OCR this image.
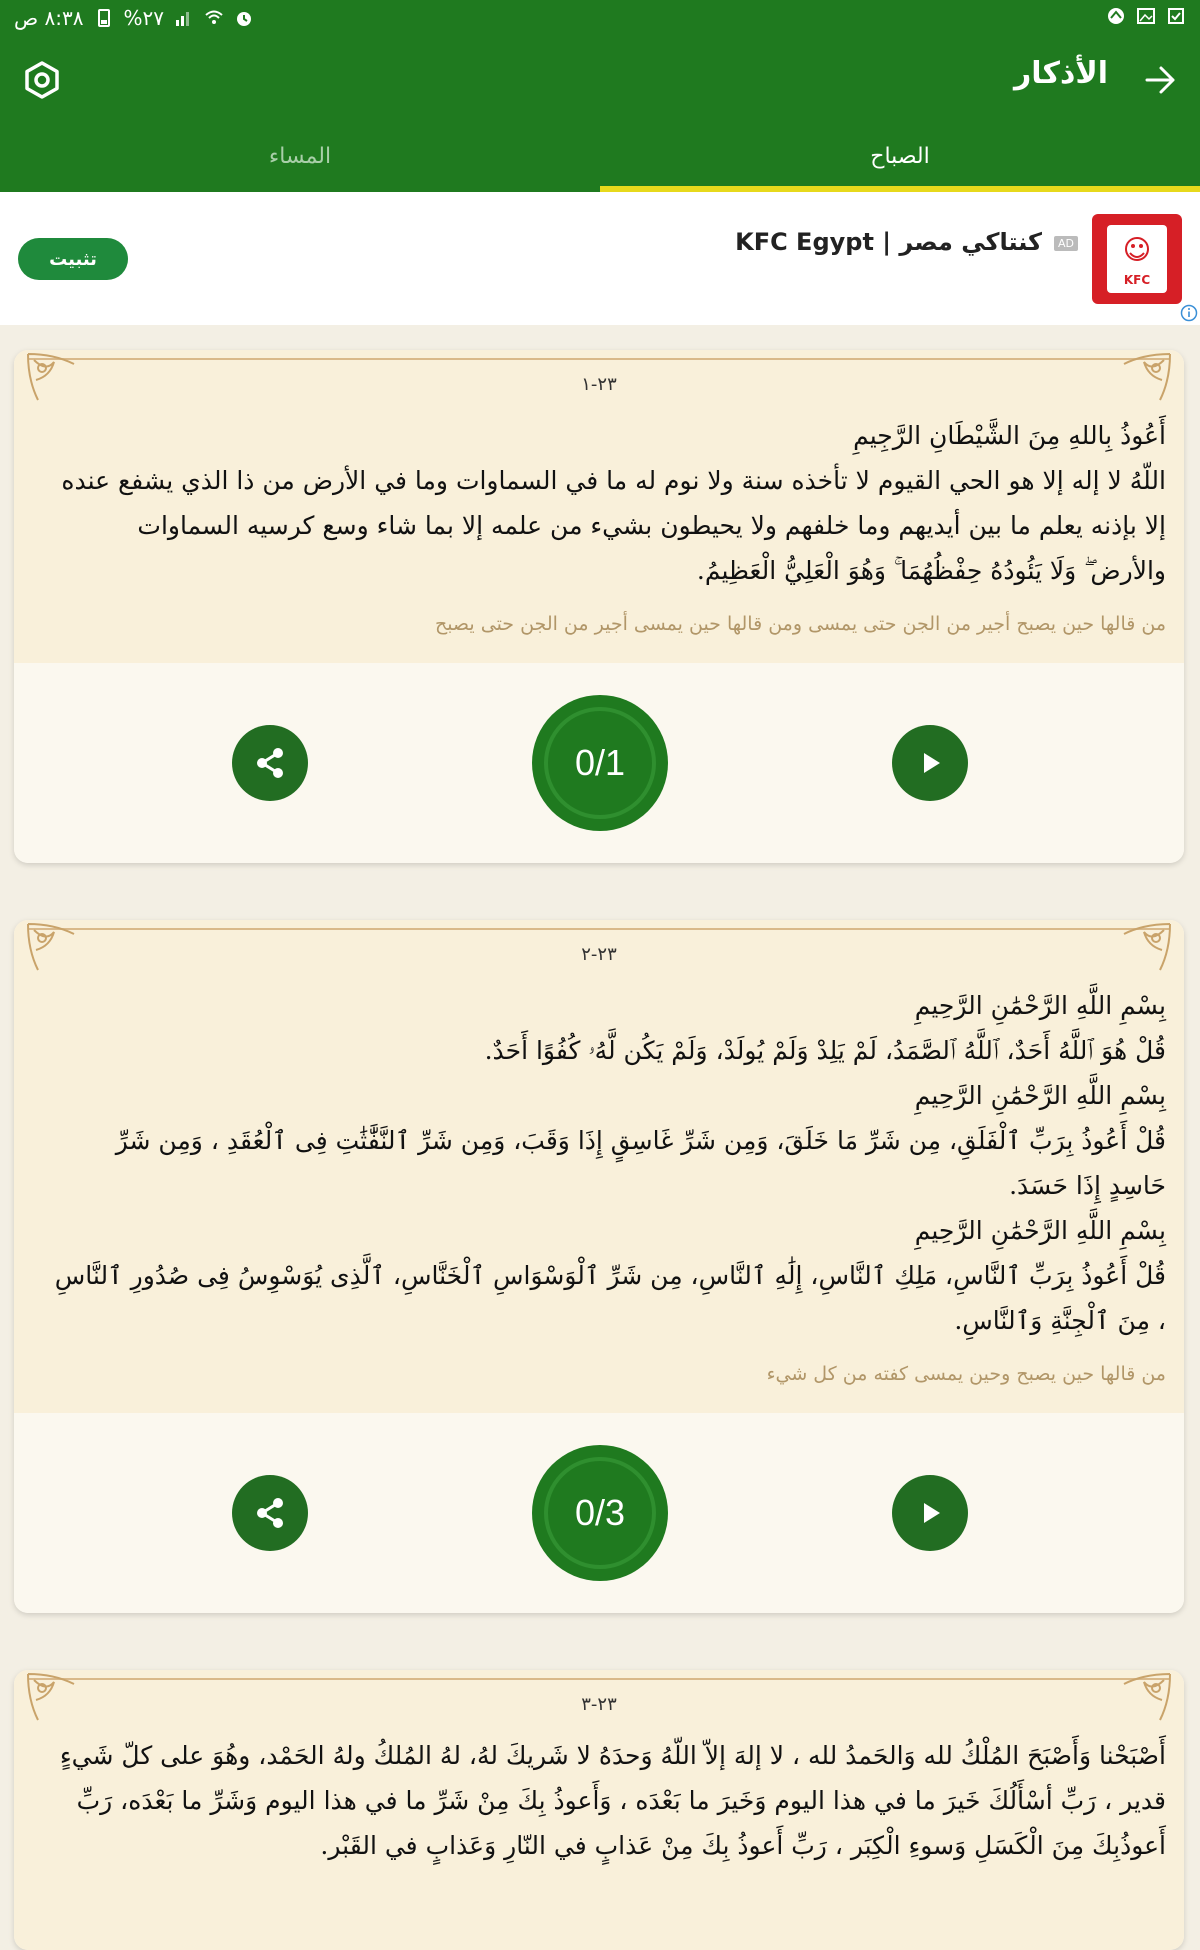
٨:٣٨ ص %٢٧
الأذكار
الصباح
المساء
KFC
AD
KFC Egypt | كنتاكي مصر
تثبيت
٢٣-١
أَعُوذُ بِاللهِ مِنَ الشَّيْطَانِ الرَّجِيمِ
اللّهُ لا إله إلا هو الحي القيوم لا تأخذه سنة ولا نوم له ما في السماوات وما في الأرض من ذا الذي يشفع عنده إلا بإذنه يعلم ما بين أيديهم وما خلفهم ولا يحيطون بشيء من علمه إلا بما شاء وسع كرسيه السماوات والأرض ۖ وَلَا يَئُودُهُ حِفْظُهُمَا ۚ وَهُوَ الْعَلِيُّ الْعَظِيمُ.
من قالها حين يصبح أجير من الجن حتى يمسى ومن قالها حين يمسى أجير من الجن حتى يصبح
0/1
٢٣-٢
بِسْمِ اللَّهِ الرَّحْمَٰنِ الرَّحِيمِ
قُلْ هُوَ ٱللَّهُ أَحَدٌ، ٱللَّهُ ٱلصَّمَدُ، لَمْ يَلِدْ وَلَمْ يُولَدْ، وَلَمْ يَكُن لَّهُۥ كُفُوًا أَحَدٌ.
بِسْمِ اللَّهِ الرَّحْمَٰنِ الرَّحِيمِ
قُلْ أَعُوذُ بِرَبِّ ٱلْفَلَقِ، مِن شَرِّ مَا خَلَقَ، وَمِن شَرِّ غَاسِقٍ إِذَا وَقَبَ، وَمِن شَرِّ ٱلنَّفَّٰثَٰتِ فِى ٱلْعُقَدِ ، وَمِن شَرِّ حَاسِدٍ إِذَا حَسَدَ.
بِسْمِ اللَّهِ الرَّحْمَٰنِ الرَّحِيمِ
قُلْ أَعُوذُ بِرَبِّ ٱلنَّاسِ، مَلِكِ ٱلنَّاسِ، إِلَٰهِ ٱلنَّاسِ، مِن شَرِّ ٱلْوَسْوَاسِ ٱلْخَنَّاسِ، ٱلَّذِى يُوَسْوِسُ فِى صُدُورِ ٱلنَّاسِ ، مِنَ ٱلْجِنَّةِ وَٱلنَّاسِ.
من قالها حين يصبح وحين يمسى كفته من كل شيء
0/3
٢٣-٣
أَصْبَحْنا وَأَصْبَحَ المُلْكُ لله وَالحَمدُ لله ، لا إلهَ إلاّ اللّهُ وَحدَهُ لا شَريكَ لهُ، لهُ المُلكُ ولهُ الحَمْد، وهُوَ على كلّ شَيءٍ قدير ، رَبِّ أسْأَلُكَ خَيرَ ما في هذا اليوم وَخَيرَ ما بَعْدَه ، وَأَعوذُ بِكَ مِنْ شَرِّ ما في هذا اليوم وَشَرِّ ما بَعْدَه، رَبِّ أَعوذُبِكَ مِنَ الْكَسَلِ وَسوءِ الْكِبَر ، رَبِّ أَعوذُ بِكَ مِنْ عَذابٍ في النّارِ وَعَذابٍ في القَبْر.
